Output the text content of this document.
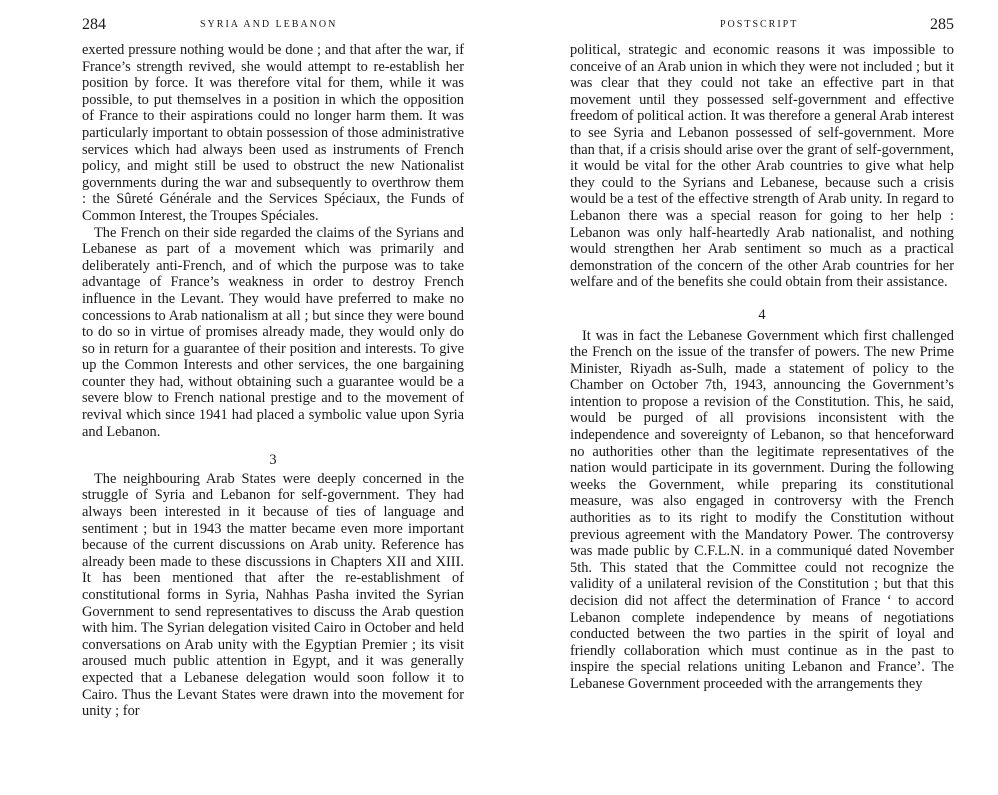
284	SYRIA AND LEBANON

exerted pressure nothing would be done ; and that after the war, if France’s strength revived, she would attempt to re-establish her position by force. It was therefore vital for them, while it was possible, to put themselves in a position in which the opposition of France to their aspirations could no longer harm them. It was particularly important to obtain possession of those administrative services which had always been used as instruments of French policy, and might still be used to obstruct the new Nationalist governments during the war and subsequently to overthrow them : the Sûreté Générale and the Services Spéciaux, the Funds of Common Interest, the Troupes Spéciales.

The French on their side regarded the claims of the Syrians and Lebanese as part of a movement which was primarily and deliberately anti-French, and of which the purpose was to take advantage of France’s weakness in order to destroy French influence in the Levant. They would have preferred to make no concessions to Arab nationalism at all ; but since they were bound to do so in virtue of promises already made, they would only do so in return for a guarantee of their position and interests. To give up the Common Interests and other services, the one bargaining counter they had, without obtaining such a guarantee would be a severe blow to French national prestige and to the movement of revival which since 1941 had placed a symbolic value upon Syria and Lebanon.

3

The neighbouring Arab States were deeply concerned in the struggle of Syria and Lebanon for self-government. They had always been interested in it because of ties of language and sentiment ; but in 1943 the matter became even more important because of the current discussions on Arab unity. Reference has already been made to these discussions in Chapters XII and XIII. It has been mentioned that after the re-establishment of constitutional forms in Syria, Nahhas Pasha invited the Syrian Government to send representatives to discuss the Arab question with him. The Syrian delegation visited Cairo in October and held conversations on Arab unity with the Egyptian Premier ; its visit aroused much public attention in Egypt, and it was generally expected that a Lebanese delegation would soon follow it to Cairo. Thus the Levant States were drawn into the movement for unity ; for

POSTSCRIPT	285

political, strategic and economic reasons it was impossible to conceive of an Arab union in which they were not included ; but it was clear that they could not take an effective part in that movement until they possessed self-government and effective freedom of political action. It was therefore a general Arab interest to see Syria and Lebanon possessed of self-government. More than that, if a crisis should arise over the grant of self-government, it would be vital for the other Arab countries to give what help they could to the Syrians and Lebanese, because such a crisis would be a test of the effective strength of Arab unity. In regard to Lebanon there was a special reason for going to her help : Lebanon was only half-heartedly Arab nationalist, and nothing would strengthen her Arab sentiment so much as a practical demonstration of the concern of the other Arab countries for her welfare and of the benefits she could obtain from their assistance.

4

It was in fact the Lebanese Government which first challenged the French on the issue of the transfer of powers. The new Prime Minister, Riyadh as-Sulh, made a statement of policy to the Chamber on October 7th, 1943, announcing the Government’s intention to propose a revision of the Constitution. This, he said, would be purged of all provisions inconsistent with the independence and sovereignty of Lebanon, so that henceforward no authorities other than the legitimate representatives of the nation would participate in its government. During the following weeks the Government, while preparing its constitutional measure, was also engaged in controversy with the French authorities as to its right to modify the Constitution without previous agreement with the Mandatory Power. The controversy was made public by C.F.L.N. in a communiqué dated November 5th. This stated that the Committee could not recognize the validity of a unilateral revision of the Constitution ; but that this decision did not affect the determination of France ‘ to accord Lebanon complete independence by means of negotiations conducted between the two parties in the spirit of loyal and friendly collaboration which must continue as in the past to inspire the special relations uniting Lebanon and France’. The Lebanese Government proceeded with the arrangements they
